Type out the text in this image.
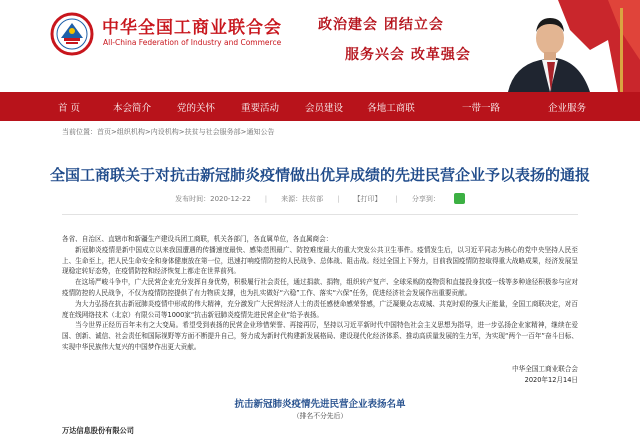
中华全国工商业联合会
All-China Federation of Industry and Commerce
政治建会 团结立会
服务兴会 改革强会
首 页	本会简介	党的关怀	重要活动	会员建设	各地工商联	一带一路	企业服务
当前位置：首页>组织机构>内设机构>扶贫与社会服务部>通知公告
全国工商联关于对抗击新冠肺炎疫情做出优异成绩的先进民营企业予以表扬的通报
发布时间：2020-12-22 | 来源：扶贫部 | 【打印】 | 分享到：

各省、自治区、直辖市和新疆生产建设兵团工商联，机关各部门，各直属单位，各直属商会：

新冠肺炎疫情是新中国成立以来我国遭遇的传播速度最快、感染范围最广、防控难度最大的重大突发公共卫生事件。疫情发生后，以习近平同志为核心的党中央坚持人民至上、生命至上，把人民生命安全和身体健康放在第一位，迅速打响疫情防控的人民战争、总体战、阻击战。经过全国上下努力，目前我国疫情防控取得重大战略成果，经济发展呈现稳定转好态势，在疫情防控和经济恢复上都走在世界前列。

在这场严峻斗争中，广大民营企业充分发挥自身优势，积极履行社会责任，通过捐款、捐物，组织转产复产、全球采购防疫物资和直接投身抗疫一线等多种途径积极参与应对疫情防控的人民战争，不仅为疫情防控提供了有力物质支撑，也为扎实做好“六稳”工作、落实“六保”任务，促进经济社会发展作出重要贡献。

为大力弘扬在抗击新冠肺炎疫情中形成的伟大精神，充分激发广大民营经济人士的责任感使命感荣誉感，广泛凝聚众志成城、共克时艰的强大正能量，全国工商联决定，对百度在线网络技术（北京）有限公司等1000家“抗击新冠肺炎疫情先进民营企业”给予表扬。

当今世界正经历百年未有之大变局。希望受到表扬的民营企业珍惜荣誉、再接再厉，坚持以习近平新时代中国特色社会主义思想为指导，进一步弘扬企业家精神，继续在爱国、创新、诚信、社会责任和国际视野等方面不断提升自己，努力成为新时代构建新发展格局、建设现代化经济体系、推动高质量发展的生力军，为实现“两个一百年”奋斗目标、实现中华民族伟大复兴的中国梦作出更大贡献。

中华全国工商业联合会
2020年12月14日
抗击新冠肺炎疫情先进民营企业表扬名单
（排名不分先后）
万达信息股份有限公司
